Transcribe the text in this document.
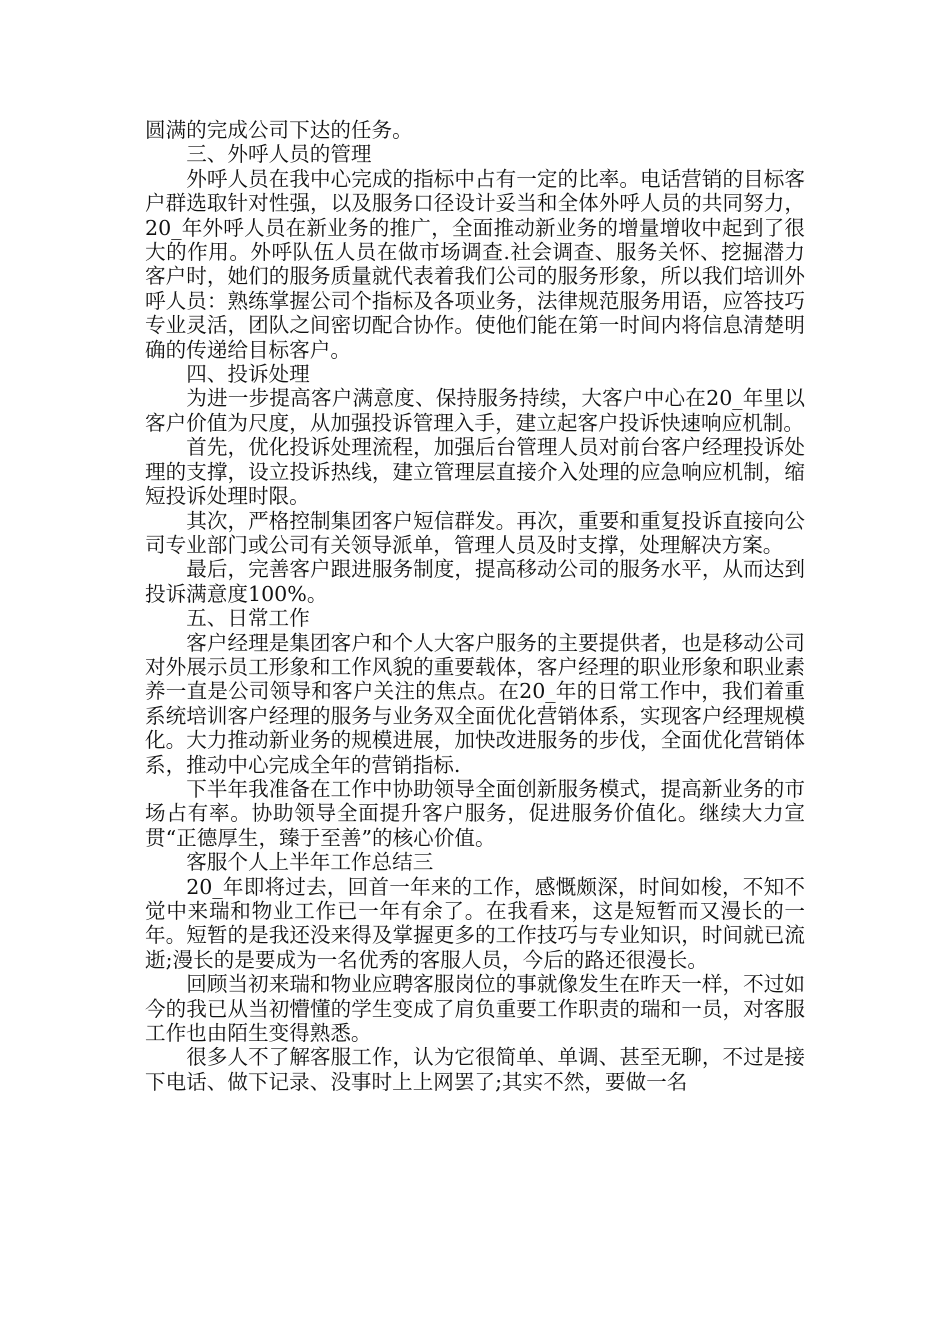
圆满的完成公司下达的任务。

三、外呼人员的管理

外呼人员在我中心完成的指标中占有一定的比率。电话营销的目标客户群选取针对性强，以及服务口径设计妥当和全体外呼人员的共同努力，20_年外呼人员在新业务的推广，全面推动新业务的增量增收中起到了很大的作用。外呼队伍人员在做市场调查.社会调查、服务关怀、挖掘潜力客户时，她们的服务质量就代表着我们公司的服务形象，所以我们培训外呼人员：熟练掌握公司个指标及各项业务，法律规范服务用语，应答技巧专业灵活，团队之间密切配合协作。使他们能在第一时间内将信息清楚明确的传递给目标客户。

四、投诉处理

为进一步提高客户满意度、保持服务持续，大客户中心在20_年里以客户价值为尺度，从加强投诉管理入手，建立起客户投诉快速响应机制。

首先，优化投诉处理流程，加强后台管理人员对前台客户经理投诉处理的支撑，设立投诉热线，建立管理层直接介入处理的应急响应机制，缩短投诉处理时限。

其次，严格控制集团客户短信群发。再次，重要和重复投诉直接向公司专业部门或公司有关领导派单，管理人员及时支撑，处理解决方案。

最后，完善客户跟进服务制度，提高移动公司的服务水平，从而达到投诉满意度100%。

五、日常工作

客户经理是集团客户和个人大客户服务的主要提供者，也是移动公司对外展示员工形象和工作风貌的重要载体，客户经理的职业形象和职业素养一直是公司领导和客户关注的焦点。在20_年的日常工作中，我们着重系统培训客户经理的服务与业务双全面优化营销体系，实现客户经理规模化。大力推动新业务的规模进展，加快改进服务的步伐，全面优化营销体系，推动中心完成全年的营销指标.

下半年我准备在工作中协助领导全面创新服务模式，提高新业务的市场占有率。协助领导全面提升客户服务，促进服务价值化。继续大力宣贯“正德厚生，臻于至善”的核心价值。

客服个人上半年工作总结三

20_年即将过去，回首一年来的工作，感慨颇深，时间如梭，不知不觉中来瑞和物业工作已一年有余了。在我看来，这是短暂而又漫长的一年。短暂的是我还没来得及掌握更多的工作技巧与专业知识，时间就已流逝;漫长的是要成为一名优秀的客服人员，今后的路还很漫长。

回顾当初来瑞和物业应聘客服岗位的事就像发生在昨天一样，不过如今的我已从当初懵懂的学生变成了肩负重要工作职责的瑞和一员，对客服工作也由陌生变得熟悉。

很多人不了解客服工作，认为它很简单、单调、甚至无聊，不过是接下电话、做下记录、没事时上上网罢了;其实不然，要做一名
